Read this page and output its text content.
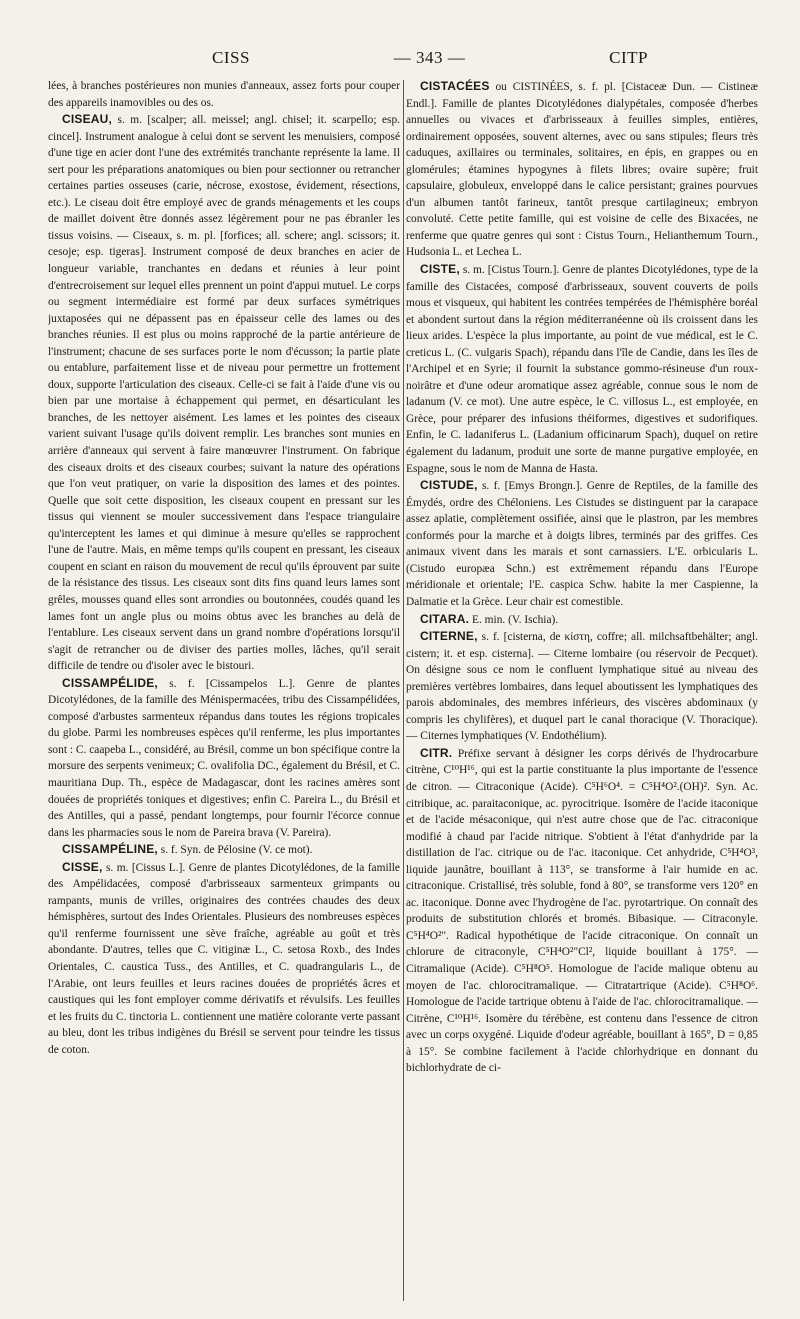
CISS	— 343 —	CITP

lées, à branches postérieures non munies d'anneaux, assez forts pour couper des appareils inamovibles ou des os.

CISEAU, s. m. [scalper; all. meissel; angl. chisel; it. scarpello; esp. cincel]. Instrument analogue à celui dont se servent les menuisiers, composé d'une tige en acier dont l'une des extrémités tranchante représente la lame. Il sert pour les préparations anatomiques ou bien pour sectionner ou retrancher certaines parties osseuses (carie, nécrose, exostose, évidement, résections, etc.). Le ciseau doit être employé avec de grands ménagements et les coups de maillet doivent être donnés assez légèrement pour ne pas ébranler les tissus voisins. — Ciseaux, s. m. pl. [forfices; all. schere; angl. scissors; it. cesoje; esp. tigeras]. Instrument composé de deux branches en acier de longueur variable, tranchantes en dedans et réunies à leur point d'entrecroisement sur lequel elles prennent un point d'appui mutuel. Le corps ou segment intermédiaire est formé par deux surfaces symétriques juxtaposées qui ne dépassent pas en épaisseur celle des lames ou des branches réunies. Il est plus ou moins rapproché de la partie antérieure de l'instrument; chacune de ses surfaces porte le nom d'écusson; la partie plate ou entablure, parfaitement lisse et de niveau pour permettre un frottement doux, supporte l'articulation des ciseaux. Celle-ci se fait à l'aide d'une vis ou bien par une mortaise à échappement qui permet, en désarticulant les branches, de les nettoyer aisément. Les lames et les pointes des ciseaux varient suivant l'usage qu'ils doivent remplir. Les branches sont munies en arrière d'anneaux qui servent à faire manœuvrer l'instrument. On fabrique des ciseaux droits et des ciseaux courbes; suivant la nature des opérations que l'on veut pratiquer, on varie la disposition des lames et des pointes. Quelle que soit cette disposition, les ciseaux coupent en pressant sur les tissus qui viennent se mouler successivement dans l'espace triangulaire qu'interceptent les lames et qui diminue à mesure qu'elles se rapprochent l'une de l'autre. Mais, en même temps qu'ils coupent en pressant, les ciseaux coupent en sciant en raison du mouvement de recul qu'ils éprouvent par suite de la résistance des tissus. Les ciseaux sont dits fins quand leurs lames sont grêles, mousses quand elles sont arrondies ou boutonnées, coudés quand les lames font un angle plus ou moins obtus avec les branches au delà de l'entablure. Les ciseaux servent dans un grand nombre d'opérations lorsqu'il s'agit de retrancher ou de diviser des parties molles, lâches, qu'il serait difficile de tendre ou d'isoler avec le bistouri.

CISSAMPÉLIDE, s. f. [Cissampelos L.]. Genre de plantes Dicotylédones, de la famille des Ménispermacées, tribu des Cissampélidées, composé d'arbustes sarmenteux répandus dans toutes les régions tropicales du globe. Parmi les nombreuses espèces qu'il renferme, les plus importantes sont : C. caapeba L., considéré, au Brésil, comme un bon spécifique contre la morsure des serpents venimeux; C. ovalifolia DC., également du Brésil, et C. mauritiana Dup. Th., espèce de Madagascar, dont les racines amères sont douées de propriétés toniques et digestives; enfin C. Pareira L., du Brésil et des Antilles, qui a passé, pendant longtemps, pour fournir l'écorce connue dans les pharmacies sous le nom de Pareira brava (V. Pareira).

CISSAMPÉLINE, s. f. Syn. de Pélosine (V. ce mot).

CISSE, s. m. [Cissus L.]. Genre de plantes Dicotylédones, de la famille des Ampélidacées, composé d'arbrisseaux sarmenteux grimpants ou rampants, munis de vrilles, originaires des contrées chaudes des deux hémisphères, surtout des Indes Orientales. Plusieurs des nombreuses espèces qu'il renferme fournissent une sève fraîche, agréable au goût et très abondante. D'autres, telles que C. vitiginæ L., C. setosa Roxb., des Indes Orientales, C. caustica Tuss., des Antilles, et C. quadrangularis L., de l'Arabie, ont leurs feuilles et leurs racines douées de propriétés âcres et caustiques qui les font employer comme dérivatifs et révulsifs. Les feuilles et les fruits du C. tinctoria L. contiennent une matière colorante verte passant au bleu, dont les tribus indigènes du Brésil se servent pour teindre les tissus de coton.

CISTACÉES ou CISTINÉES, s. f. pl. [Cistaceæ Dun. — Cistineæ Endl.]. Famille de plantes Dicotylédones dialypétales, composée d'herbes annuelles ou vivaces et d'arbrisseaux à feuilles simples, entières, ordinairement opposées, souvent alternes, avec ou sans stipules; fleurs très caduques, axillaires ou terminales, solitaires, en épis, en grappes ou en glomérules; étamines hypogynes à filets libres; ovaire supère; fruit capsulaire, globuleux, enveloppé dans le calice persistant; graines pourvues d'un albumen tantôt farineux, tantôt presque cartilagineux; embryon convoluté. Cette petite famille, qui est voisine de celle des Bixacées, ne renferme que quatre genres qui sont : Cistus Tourn., Helianthemum Tourn., Hudsonia L. et Lechea L.

CISTE, s. m. [Cistus Tourn.]. Genre de plantes Dicotylédones, type de la famille des Cistacées, composé d'arbrisseaux, souvent couverts de poils mous et visqueux, qui habitent les contrées tempérées de l'hémisphère boréal et abondent surtout dans la région méditerranéenne où ils croissent dans les lieux arides. L'espèce la plus importante, au point de vue médical, est le C. creticus L. (C. vulgaris Spach), répandu dans l'île de Candie, dans les îles de l'Archipel et en Syrie; il fournit la substance gommo-résineuse d'un roux-noirâtre et d'une odeur aromatique assez agréable, connue sous le nom de ladanum (V. ce mot). Une autre espèce, le C. villosus L., est employée, en Grèce, pour préparer des infusions théiformes, digestives et sudorifiques. Enfin, le C. ladaniferus L. (Ladanium officinarum Spach), duquel on retire également du ladanum, produit une sorte de manne purgative employée, en Espagne, sous le nom de Manna de Hasta.

CISTUDE, s. f. [Emys Brongn.]. Genre de Reptiles, de la famille des Émydés, ordre des Chéloniens. Les Cistudes se distinguent par la carapace assez aplatie, complètement ossifiée, ainsi que le plastron, par les membres conformés pour la marche et à doigts libres, terminés par des griffes. Ces animaux vivent dans les marais et sont carnassiers. L'E. orbicularis L. (Cistudo europæa Schn.) est extrêmement répandu dans l'Europe méridionale et orientale; l'E. caspica Schw. habite la mer Caspienne, la Dalmatie et la Grèce. Leur chair est comestible.

CITARA. E. min. (V. Ischia).

CITERNE, s. f. [cisterna, de κίστη, coffre; all. milchsaftbehälter; angl. cistern; it. et esp. cisterna]. — Citerne lombaire (ou réservoir de Pecquet). On désigne sous ce nom le confluent lymphatique situé au niveau des premières vertèbres lombaires, dans lequel aboutissent les lymphatiques des parois abdominales, des membres inférieurs, des viscères abdominaux (y compris les chylifères), et duquel part le canal thoracique (V. Thoracique). — Citernes lymphatiques (V. Endothélium).

CITR. Préfixe servant à désigner les corps dérivés de l'hydrocarbure citrène, C¹⁰H¹⁶, qui est la partie constituante la plus importante de l'essence de citron. — Citraconique (Acide). C⁵H⁶O⁴. = C⁵H⁴O².(OH)². Syn. Ac. citribique, ac. paraitaconique, ac. pyrocitrique. Isomère de l'acide itaconique et de l'acide mésaconique, qui n'est autre chose que de l'ac. citraconique modifié à chaud par l'acide nitrique. S'obtient à l'état d'anhydride par la distillation de l'ac. citrique ou de l'ac. itaconique. Cet anhydride, C⁵H⁴O³, liquide jaunâtre, bouillant à 113°, se transforme à l'air humide en ac. citraconique. Cristallisé, très soluble, fond à 80°, se transforme vers 120° en ac. itaconique. Donne avec l'hydrogène de l'ac. pyrotartrique. On connaît des produits de substitution chlorés et bromés. Bibasique. — Citraconyle. C⁵H⁴O²". Radical hypothétique de l'acide citraconique. On connaît un chlorure de citraconyle, C⁵H⁴O²"Cl², liquide bouillant à 175°. — Citramalique (Acide). C⁵H⁸O⁵. Homologue de l'acide malique obtenu au moyen de l'ac. chlorocitramalique. — Citratartrique (Acide). C⁵H⁸O⁶. Homologue de l'acide tartrique obtenu à l'aide de l'ac. chlorocitramalique. — Citrène, C¹⁰H¹⁶. Isomère du térébène, est contenu dans l'essence de citron avec un corps oxygéné. Liquide d'odeur agréable, bouillant à 165°, D = 0,85 à 15°. Se combine facilement à l'acide chlorhydrique en donnant du bichlorhydrate de ci-
